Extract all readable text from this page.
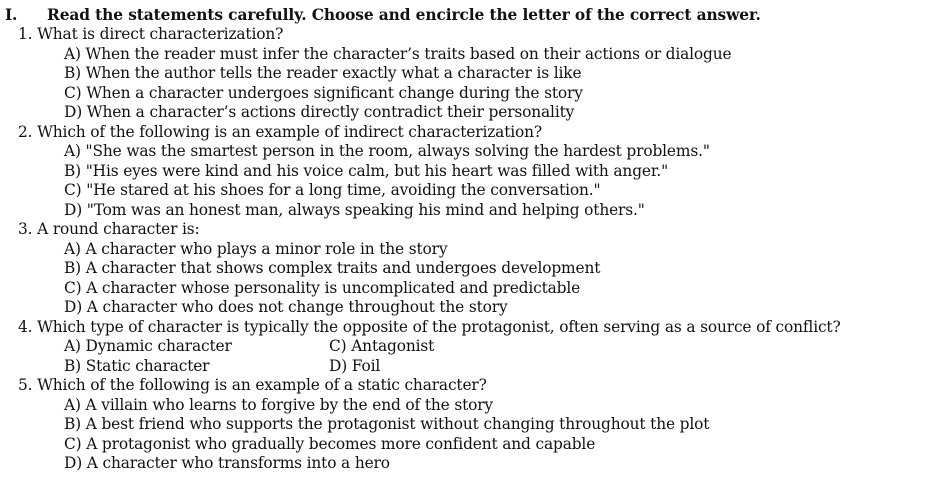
I. Read the statements carefully. Choose and encircle the letter of the correct answer.
1. What is direct characterization?
A) When the reader must infer the character’s traits based on their actions or dialogue
B) When the author tells the reader exactly what a character is like
C) When a character undergoes significant change during the story
D) When a character’s actions directly contradict their personality
2. Which of the following is an example of indirect characterization?
A) "She was the smartest person in the room, always solving the hardest problems."
B) "His eyes were kind and his voice calm, but his heart was filled with anger."
C) "He stared at his shoes for a long time, avoiding the conversation."
D) "Tom was an honest man, always speaking his mind and helping others."
3. A round character is:
A) A character who plays a minor role in the story
B) A character that shows complex traits and undergoes development
C) A character whose personality is uncomplicated and predictable
D) A character who does not change throughout the story
4. Which type of character is typically the opposite of the protagonist, often serving as a source of conflict?
A) Dynamic character	C) Antagonist
B) Static character	D) Foil
5. Which of the following is an example of a static character?
A) A villain who learns to forgive by the end of the story
B) A best friend who supports the protagonist without changing throughout the plot
C) A protagonist who gradually becomes more confident and capable
D) A character who transforms into a hero
